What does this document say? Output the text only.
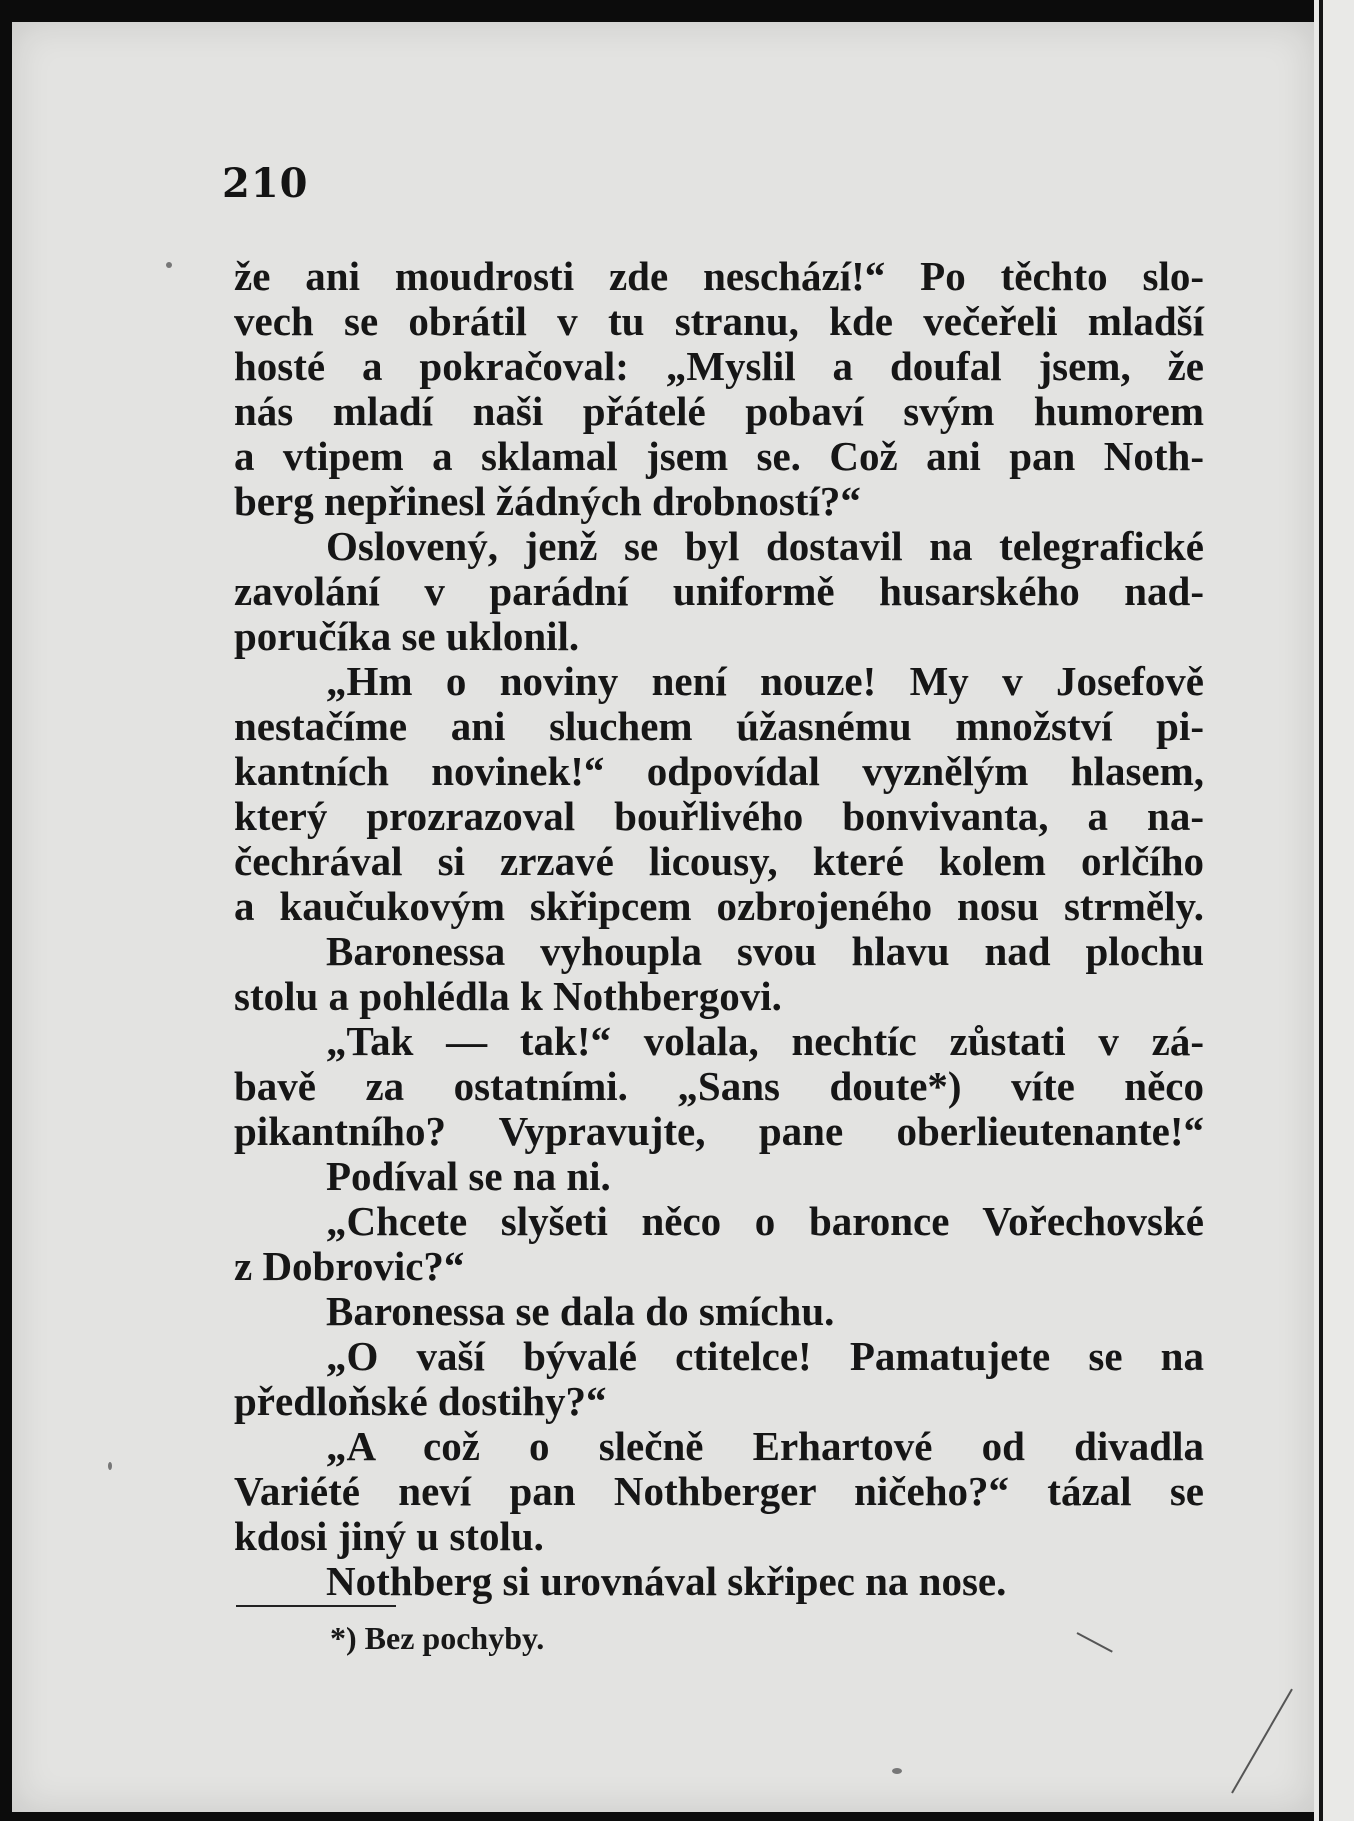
210
že ani moudrosti zde neschází!“ Po těchto slo-
vech se obrátil v tu stranu, kde večeřeli mladší
hosté a pokračoval: „Myslil a doufal jsem, že
nás mladí naši přátelé pobaví svým humorem
a vtipem a sklamal jsem se. Což ani pan Noth-
berg nepřinesl žádných drobností?“
Oslovený, jenž se byl dostavil na telegrafické
zavolání v parádní uniformě husarského nad-
poručíka se uklonil.
„Hm o noviny není nouze! My v Josefově
nestačíme ani sluchem úžasnému množství pi-
kantních novinek!“ odpovídal vyznělým hlasem,
který prozrazoval bouřlivého bonvivanta, a na-
čechrával si zrzavé licousy, které kolem orlčího
a kaučukovým skřipcem ozbrojeného nosu strměly.
Baronessa vyhoupla svou hlavu nad plochu
stolu a pohlédla k Nothbergovi.
„Tak — tak!“ volala, nechtíc zůstati v zá-
bavě za ostatními. „Sans doute*) víte něco
pikantního? Vypravujte, pane oberlieutenante!“
Podíval se na ni.
„Chcete slyšeti něco o baronce Vořechovské
z Dobrovic?“
Baronessa se dala do smíchu.
„O vaší bývalé ctitelce! Pamatujete se na
předloňské dostihy?“
„A což o slečně Erhartové od divadla
Variété neví pan Nothberger ničeho?“ tázal se
kdosi jiný u stolu.
Nothberg si urovnával skřipec na nose.
*) Bez pochyby.
